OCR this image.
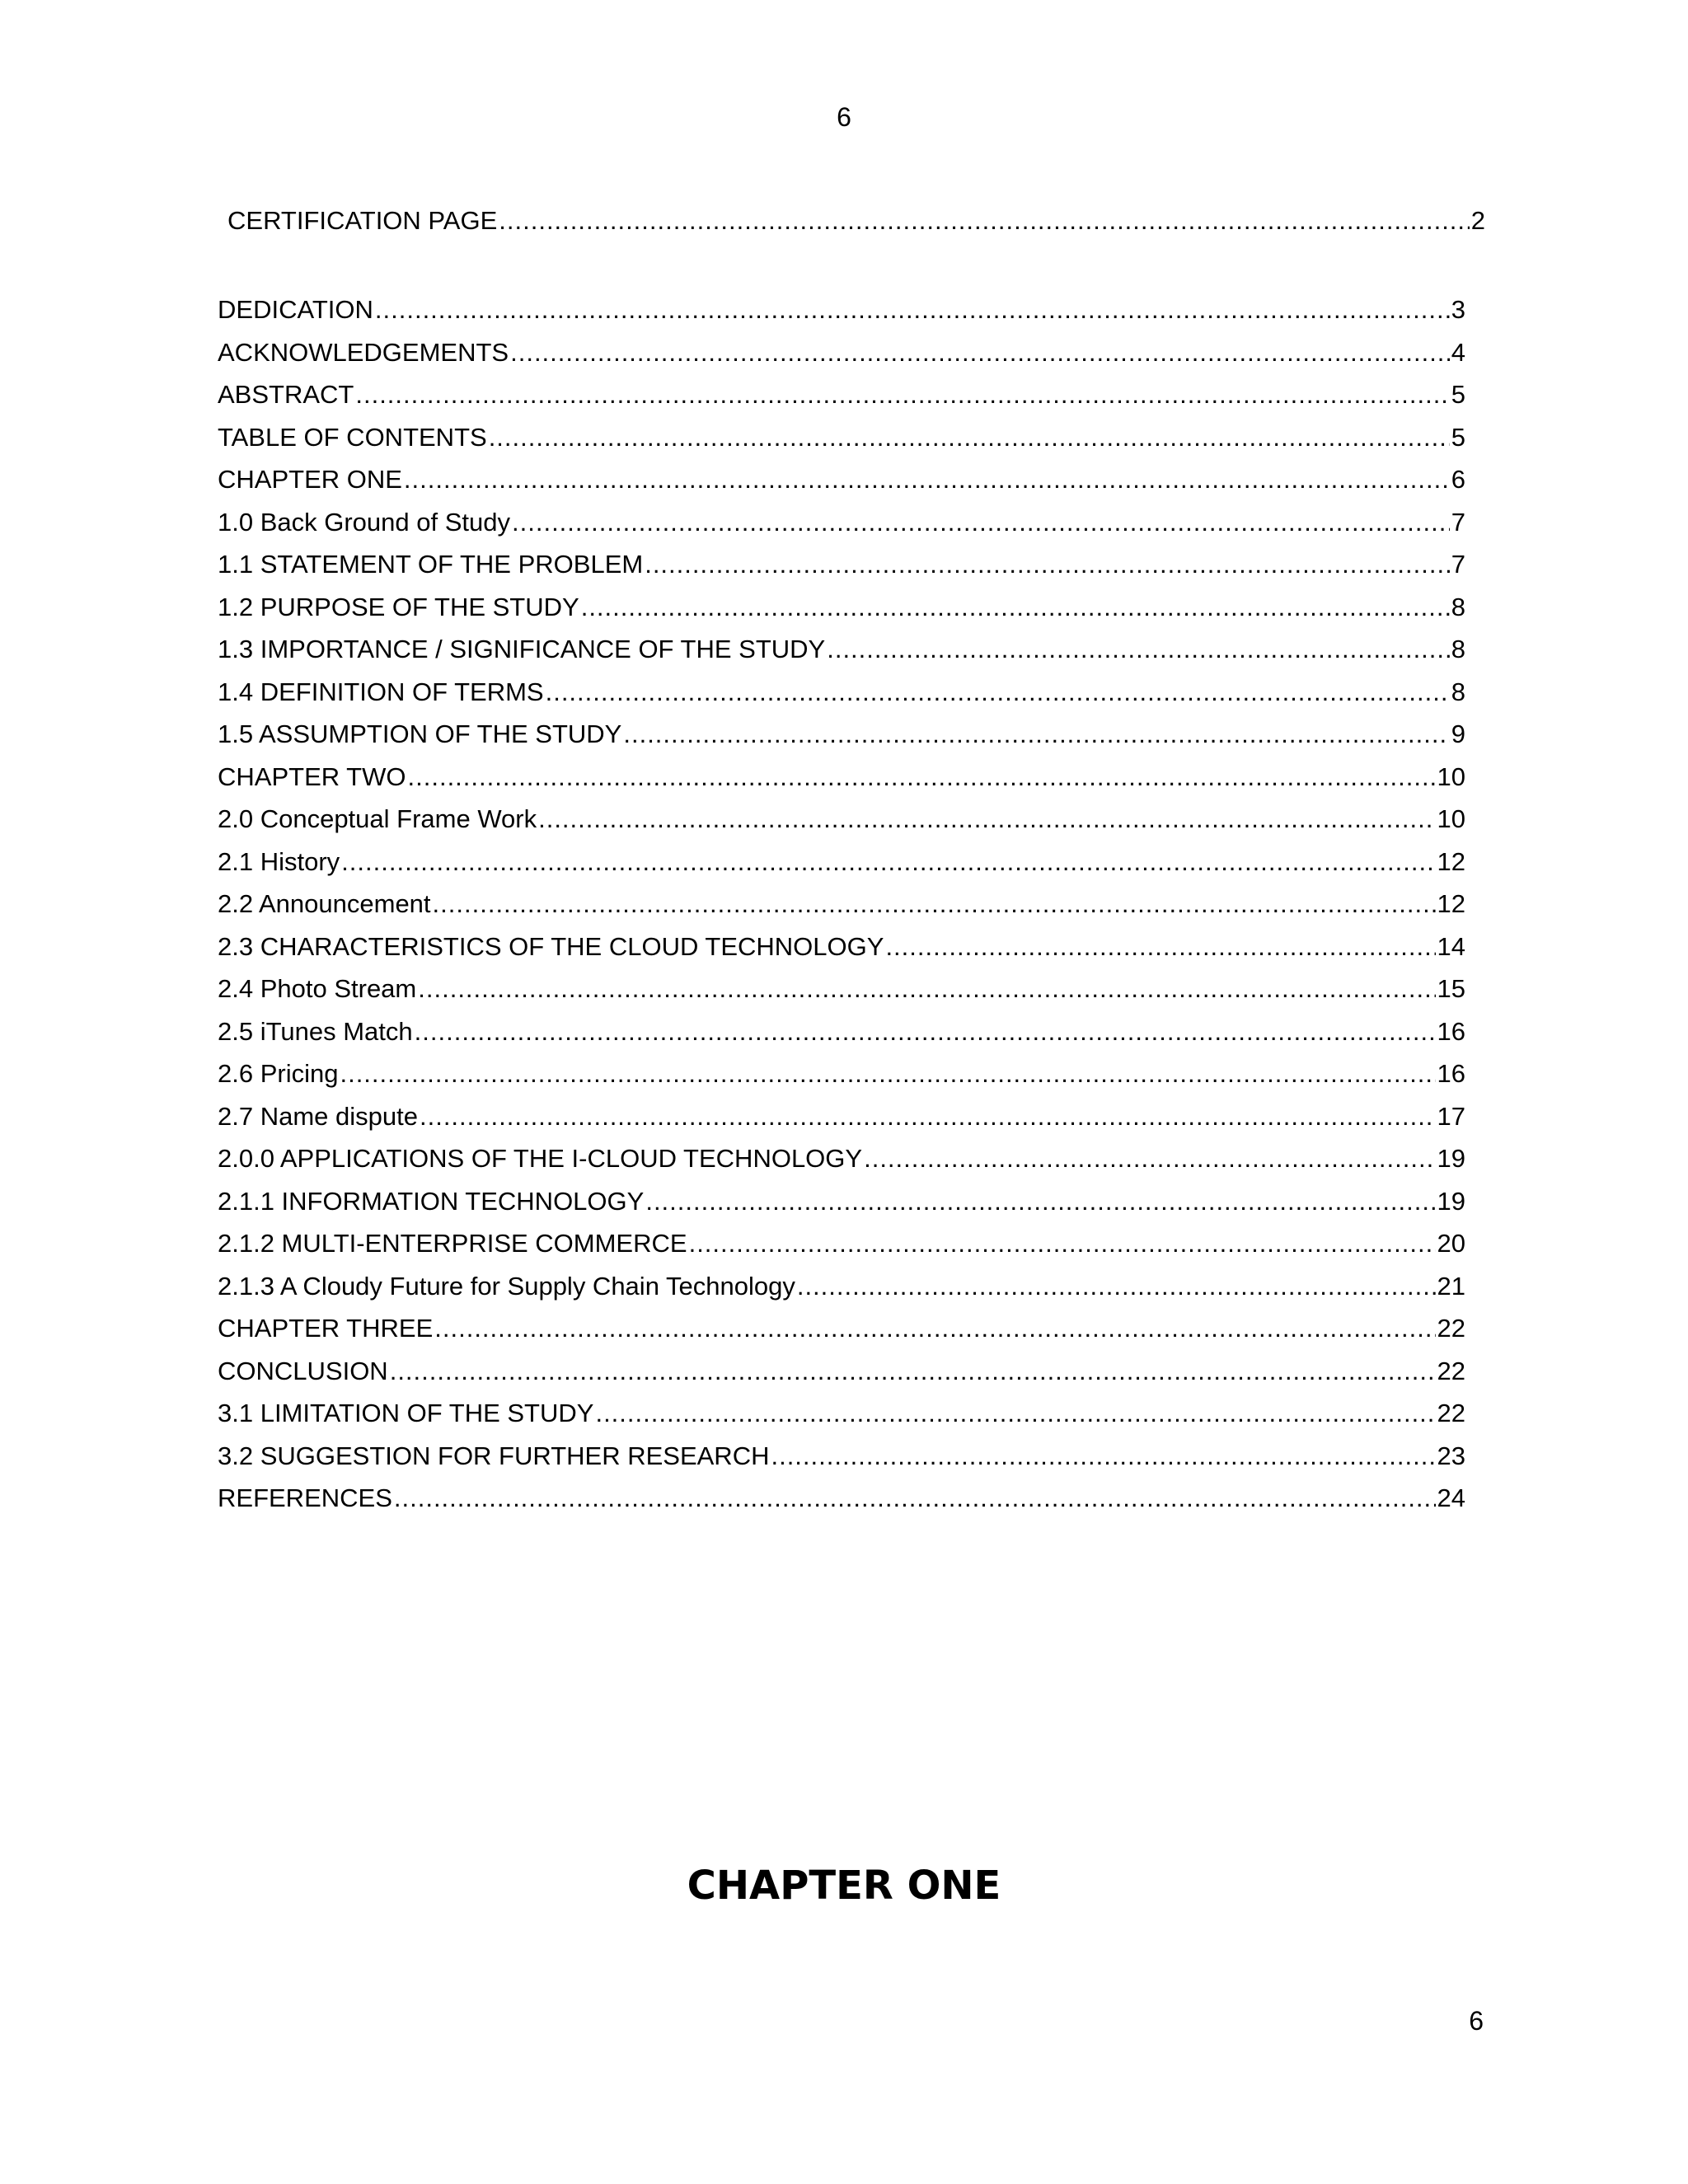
6
CERTIFICATION PAGE .....	2
DEDICATION .....	3
ACKNOWLEDGEMENTS .....	4
ABSTRACT .....	5
TABLE OF CONTENTS .....	5
CHAPTER ONE .....	6
1.0 Back Ground of Study .....	7
1.1 STATEMENT OF THE PROBLEM .....	7
1.2 PURPOSE OF THE STUDY .....	8
1.3 IMPORTANCE / SIGNIFICANCE OF THE STUDY .....	8
1.4 DEFINITION OF TERMS .....	8
1.5 ASSUMPTION OF THE STUDY .....	9
CHAPTER TWO .....	10
2.0 Conceptual Frame Work .....	10
2.1 History .....	12
2.2 Announcement .....	12
2.3 CHARACTERISTICS OF THE CLOUD TECHNOLOGY .....	14
2.4 Photo Stream .....	15
2.5 iTunes Match .....	16
2.6 Pricing .....	16
2.7 Name dispute .....	17
2.0.0 APPLICATIONS OF THE I-CLOUD TECHNOLOGY .....	19
2.1.1 INFORMATION TECHNOLOGY .....	19
2.1.2 MULTI-ENTERPRISE COMMERCE .....	20
2.1.3 A Cloudy Future for Supply Chain Technology .....	21
CHAPTER THREE .....	22
CONCLUSION .....	22
3.1 LIMITATION OF THE STUDY .....	22
3.2 SUGGESTION FOR FURTHER RESEARCH .....	23
REFERENCES .....	24
CHAPTER ONE
6
